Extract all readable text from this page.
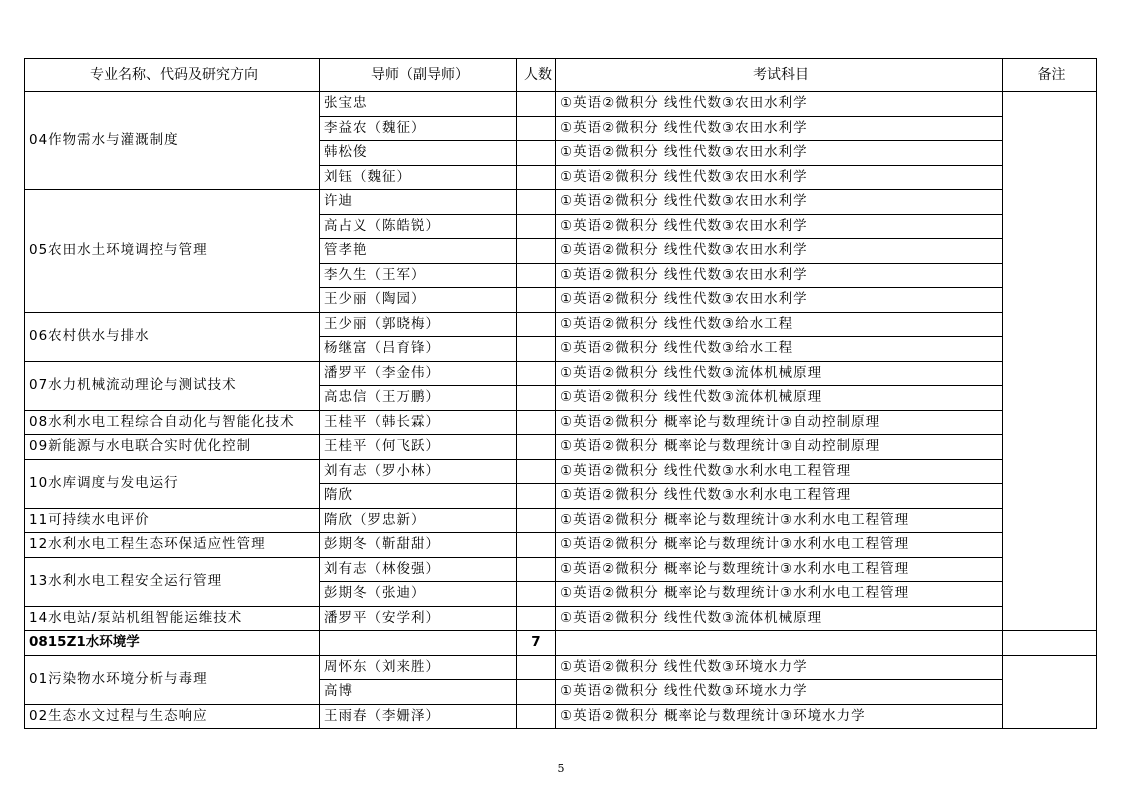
专业名称、代码及研究方向	导师（副导师）	人数	考试科目	备注
04作物需水与灌溉制度	张宝忠		①英语②微积分 线性代数③农田水利学	
	李益农（魏征）		①英语②微积分 线性代数③农田水利学	
	韩松俊		①英语②微积分 线性代数③农田水利学	
	刘钰（魏征）		①英语②微积分 线性代数③农田水利学	
05农田水土环境调控与管理	许迪		①英语②微积分 线性代数③农田水利学	
	高占义（陈皓锐）		①英语②微积分 线性代数③农田水利学	
	管孝艳		①英语②微积分 线性代数③农田水利学	
	李久生（王军）		①英语②微积分 线性代数③农田水利学	
	王少丽（陶园）		①英语②微积分 线性代数③农田水利学	
06农村供水与排水	王少丽（郭晓梅）		①英语②微积分 线性代数③给水工程	
	杨继富（吕育锋）		①英语②微积分 线性代数③给水工程	
07水力机械流动理论与测试技术	潘罗平（李金伟）		①英语②微积分 线性代数③流体机械原理	
	高忠信（王万鹏）		①英语②微积分 线性代数③流体机械原理	
08水利水电工程综合自动化与智能化技术	王桂平（韩长霖）		①英语②微积分 概率论与数理统计③自动控制原理	
09新能源与水电联合实时优化控制	王桂平（何飞跃）		①英语②微积分 概率论与数理统计③自动控制原理	
10水库调度与发电运行	刘有志（罗小林）		①英语②微积分 线性代数③水利水电工程管理	
	隋欣		①英语②微积分 线性代数③水利水电工程管理	
11可持续水电评价	隋欣（罗忠新）		①英语②微积分 概率论与数理统计③水利水电工程管理	
12水利水电工程生态环保适应性管理	彭期冬（靳甜甜）		①英语②微积分 概率论与数理统计③水利水电工程管理	
13水利水电工程安全运行管理	刘有志（林俊强）		①英语②微积分 概率论与数理统计③水利水电工程管理	
	彭期冬（张迪）		①英语②微积分 概率论与数理统计③水利水电工程管理	
14水电站/泵站机组智能运维技术	潘罗平（安学利）		①英语②微积分 线性代数③流体机械原理	
0815Z1水环境学		7		
01污染物水环境分析与毒理	周怀东（刘来胜）		①英语②微积分 线性代数③环境水力学	
	高博		①英语②微积分 线性代数③环境水力学	
02生态水文过程与生态响应	王雨春（李姗泽）		①英语②微积分 概率论与数理统计③环境水力学	
5
